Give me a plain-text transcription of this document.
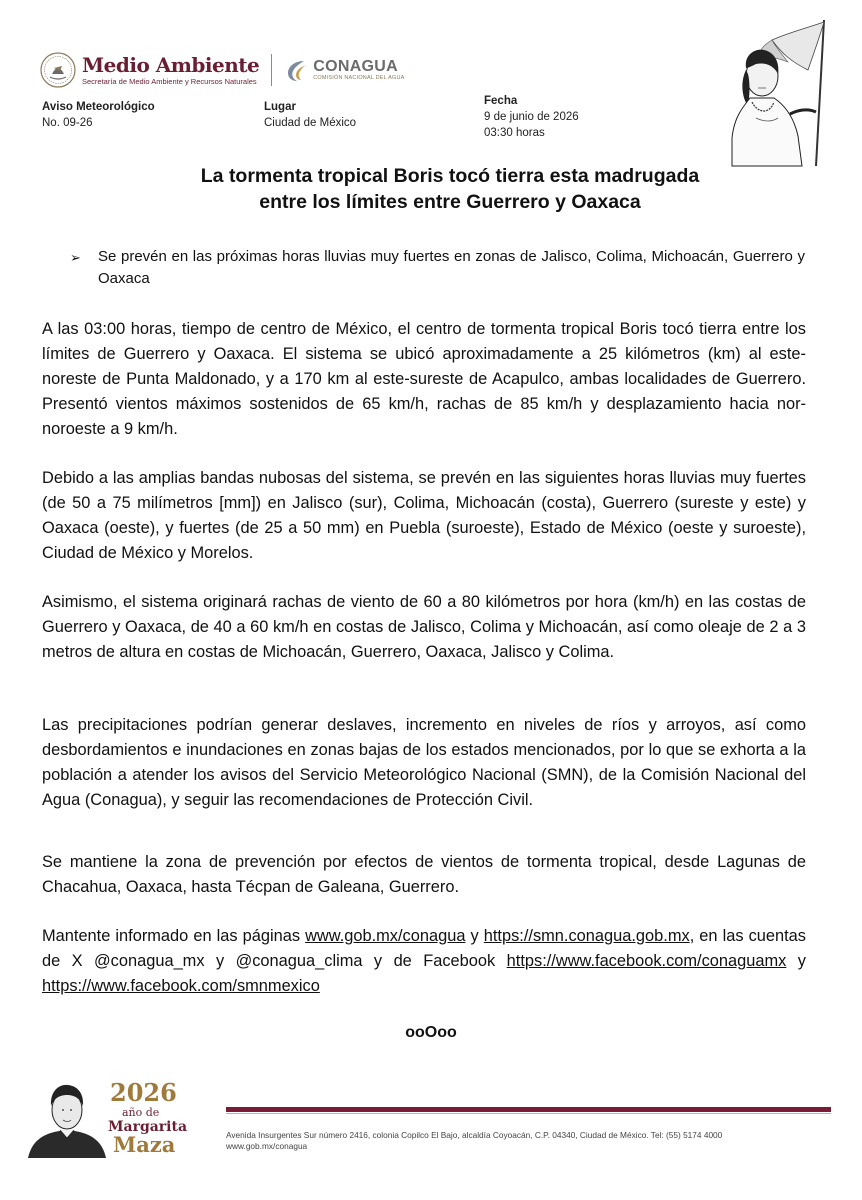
Medio Ambiente
Secretaría de Medio Ambiente y Recursos Naturales
CONAGUA
COMISIÓN NACIONAL DEL AGUA
Aviso Meteorológico
No. 09-26
Lugar
Ciudad de México
Fecha
9 de junio de 2026
03:30 horas
La tormenta tropical Boris tocó tierra esta madrugada
entre los límites entre Guerrero y Oaxaca
➢	Se prevén en las próximas horas lluvias muy fuertes en zonas de Jalisco, Colima, Michoacán, Guerrero y Oaxaca

A las 03:00 horas, tiempo de centro de México, el centro de tormenta tropical Boris tocó tierra entre los límites de Guerrero y Oaxaca. El sistema se ubicó aproximadamente a 25 kilómetros (km) al este-noreste de Punta Maldonado, y a 170 km al este-sureste de Acapulco, ambas localidades de Guerrero. Presentó vientos máximos sostenidos de 65 km/h, rachas de 85 km/h y desplazamiento hacia nor-noroeste a 9 km/h.

Debido a las amplias bandas nubosas del sistema, se prevén en las siguientes horas lluvias muy fuertes (de 50 a 75 milímetros [mm]) en Jalisco (sur), Colima, Michoacán (costa), Guerrero (sureste y este) y Oaxaca (oeste), y fuertes (de 25 a 50 mm) en Puebla (suroeste), Estado de México (oeste y suroeste), Ciudad de México y Morelos.

Asimismo, el sistema originará rachas de viento de 60 a 80 kilómetros por hora (km/h) en las costas de Guerrero y Oaxaca, de 40 a 60 km/h en costas de Jalisco, Colima y Michoacán, así como oleaje de 2 a 3 metros de altura en costas de Michoacán, Guerrero, Oaxaca, Jalisco y Colima.

Las precipitaciones podrían generar deslaves, incremento en niveles de ríos y arroyos, así como desbordamientos e inundaciones en zonas bajas de los estados mencionados, por lo que se exhorta a la población a atender los avisos del Servicio Meteorológico Nacional (SMN), de la Comisión Nacional del Agua (Conagua), y seguir las recomendaciones de Protección Civil.

Se mantiene la zona de prevención por efectos de vientos de tormenta tropical, desde Lagunas de Chacahua, Oaxaca, hasta Técpan de Galeana, Guerrero.

Mantente informado en las páginas www.gob.mx/conagua y https://smn.conagua.gob.mx, en las cuentas de X @conagua_mx y @conagua_clima y de Facebook https://www.facebook.com/conaguamx y https://www.facebook.com/smnmexico

ooOoo
2026
año de
Margarita
Maza	Avenida Insurgentes Sur número 2416, colonia Copilco El Bajo, alcaldía Coyoacán, C.P. 04340, Ciudad de México. Tel: (55) 5174 4000
www.gob.mx/conagua
